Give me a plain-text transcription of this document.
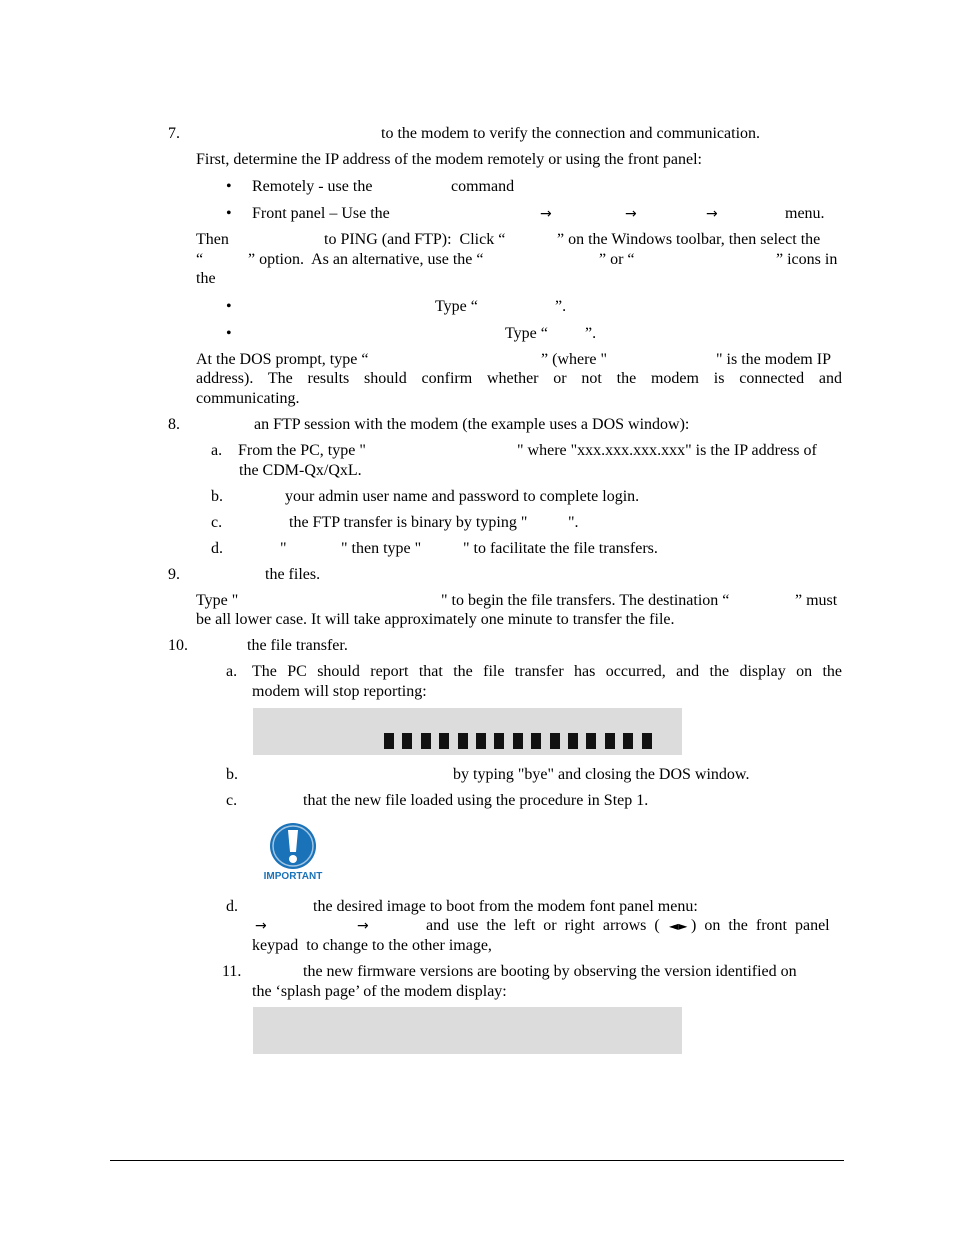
7.	to the modem to verify the connection and communication.
First, determine the IP address of the modem remotely or using the front panel:
• Remotely - use the	command
• Front panel – Use the	→	→	→	menu.
Then	to PING (and FTP):  Click “	” on the Windows toolbar, then select the
“	” option.  As an alternative, use the “	” or “	” icons in
the
•	Type “	”.
•	Type “ ”.
At the DOS prompt, type “	” (where "	" is the modem IP
address). The results should confirm whether or not the modem is connected and
communicating.
8.	an FTP session with the modem (the example uses a DOS window):
a. From the PC, type "	" where "xxx.xxx.xxx.xxx" is the IP address of
the CDM-Qx/QxL.
b.	your admin user name and password to complete login.
c.	the FTP transfer is binary by typing "	".
d.	"	" then type "	" to facilitate the file transfers.
9.	the files.
Type "	" to begin the file transfers. The destination “	” must
be all lower case. It will take approximately one minute to transfer the file.
10.	the file transfer.
a. The PC should report that the file transfer has occurred, and the display on the
modem will stop reporting:
b.	by typing "bye" and closing the DOS window.
c.	that the new file loaded using the procedure in Step 1.
IMPORTANT
d.	the desired image to boot from the modem font panel menu:
→	→	and  use  the  left  or  right  arrows  ( ◄► )  on  the  front  panel
keypad  to change to the other image,
11.	the new firmware versions are booting by observing the version identified on
the ‘splash page’ of the modem display:
